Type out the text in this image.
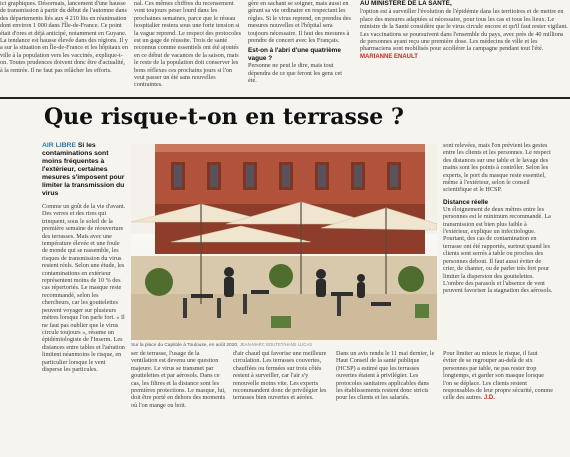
ici graphiques. Désormais, lancement d'une hausse de transmission à partir du début de l'automne dans des départements liés aux 4 210 lits en réanimation dont environ 1 000 dans l'Île-de-France. Ce point était d'ores et déjà anticipé, notamment en Guyane. La tendance est hausse élevée dans des régions. Il y a sur la situation en Île-de-France et les hôpitaux en ville à la population vers les vaccinés, explique-t-on. Toutes prudences doivent donc être d'actualité, à la rentrée. Il ne faut pas relâcher les efforts.
nal. Ces mêmes chiffres du recensement vont toujours peser lourd dans les prochaines semaines, parce que le réseau hospitalier restera sous une forte tension si la vague reprend. Le respect des protocoles est un gage de réussite. Trois de santé reconnus comme essentiels ont été ajoutés en ce début de vacances de la saison, mais le reste de la population doit conserver les bons réflexes ces prochains jours si l'on veut passer un été sans nouvelles contraintes.
gère en sachant se soigner, mais aussi en gérant sa vie ordinaire en respectant les règles. Si le virus reprend, on prendra des mesures nouvelles et l'hôpital sera toujours nécessaire. Il faut des mesures à prendre de concert avec les Français.
Est-on à l'abri d'une quatrième vague ?
Personne ne peut le dire, mais tout dépendra de ce que feront les gens cet été.
AU MINISTÈRE DE LA SANTÉ,
l'option est à surveiller l'évolution de l'épidémie dans les territoires et de mettre en place des mesures adaptées si nécessaire, pour tous les cas et tous les lieux. Le ministre de la Santé considère que le virus circule encore et qu'il faut rester vigilant. Les vaccinations se poursuivent dans l'ensemble du pays, avec près de 40 millions de personnes ayant reçu une première dose. Les médecins de ville et les pharmaciens sont mobilisés pour accélérer la campagne pendant tout l'été. MARIANNE ENAULT
Que risque-t-on en terrasse ?
AIR LIBRE Si les contaminations sont moins fréquentes à l'extérieur, certaines mesures s'imposent pour limiter la transmission du virus
Comme un goût de la vie d'avant. Des verres et des rires qui trinquent, sous le soleil de la première semaine de réouverture des terrasses. Mais avec une température élevée et une foule de monde qui se rassemble, les risques de transmission du virus restent réels. Selon une étude, les contaminations en extérieur représentent moins de 10 % des cas répertoriés. Le masque reste recommandé, selon les chercheurs, car les gouttelettes peuvent voyager sur plusieurs mètres lorsque l'on parle fort. « Il ne faut pas oublier que le virus circule toujours », résume un épidémiologiste de l'Inserm. Les distances entre tables et l'aération limitent néanmoins le risque, en particulier lorsque le vent disperse les particules.
Sur la place du Capitole à Toulouse, en août 2020. JEAN-MARC BOUTET/HANS LUCAS
sont relevées, mais l'on prévient les gestes entre les clients et les personnes. Le respect des distances sur une table et le lavage des mains sont les points à contrôler. Selon les experts, le port du masque reste essentiel, même à l'extérieur, selon le conseil scientifique et le HCSP.
Distance réelle
Un éloignement de deux mètres entre les personnes est le minimum recommandé. La transmission est bien plus faible à l'extérieur, explique un infectiologue. Pourtant, des cas de contamination en terrasse ont été rapportés, surtout quand les clients sont serrés à table ou proches des personnes debout. Il faut aussi éviter de crier, de chanter, ou de parler très fort pour limiter la dispersion des gouttelettes. L'ombre des parasols et l'absence de vent peuvent favoriser la stagnation des aérosols.
ser de terrasse, l'usage de la ventilation est devenu une question majeure. Le virus se transmet par gouttelettes et par aérosols. Dans ce cas, les filtres et la distance sont les premières protections. Le masque, lui, doit être porté en dehors des moments où l'on mange ou boit.
d'air chaud qui favorise une meilleure circulation. Les terrasses couvertes, chauffées ou fermées sur trois côtés restent à surveiller, car l'air s'y renouvelle moins vite. Les experts recommandent donc de privilégier les terrasses bien ouvertes et aérées.
Dans un avis rendu le 11 mai dernier, le Haut Conseil de la santé publique (HCSP) a estimé que les terrasses ouvertes étaient à privilégier. Les protocoles sanitaires applicables dans les établissements restent donc stricts pour les clients et les salariés.
Pour limiter au mieux le risque, il faut éviter de se regrouper au-delà de six personnes par table, ne pas rester trop longtemps, et garder son masque lorsque l'on se déplace. Les clients restent responsables de leur propre sécurité, comme celle des autres. J.D.
